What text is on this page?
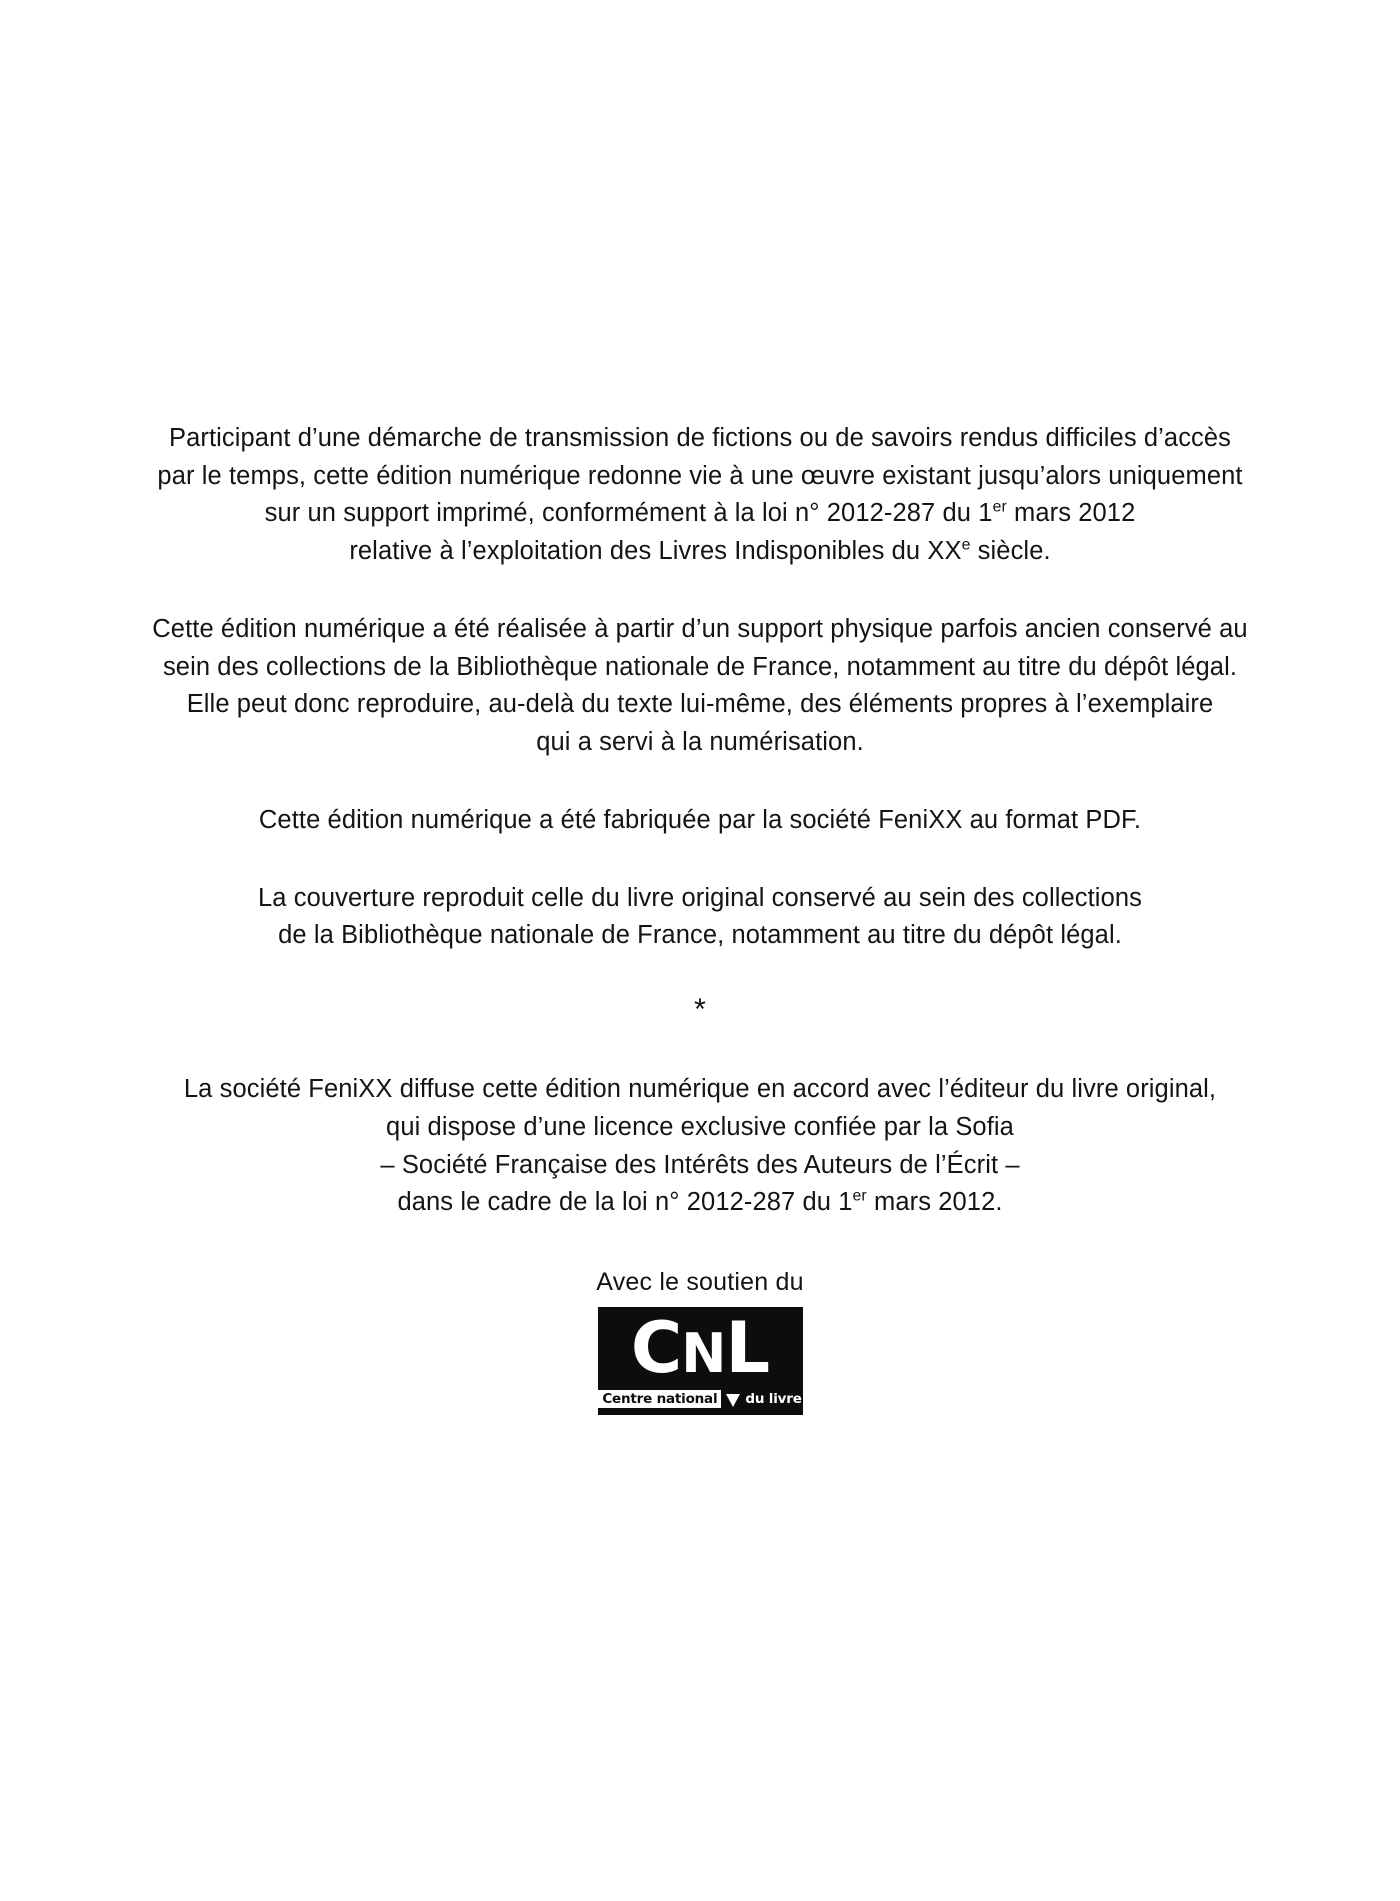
Participant d’une démarche de transmission de fictions ou de savoirs rendus difficiles d’accès
par le temps, cette édition numérique redonne vie à une œuvre existant jusqu’alors uniquement
sur un support imprimé, conformément à la loi n° 2012-287 du 1er mars 2012
relative à l’exploitation des Livres Indisponibles du XXe siècle.

Cette édition numérique a été réalisée à partir d’un support physique parfois ancien conservé au
sein des collections de la Bibliothèque nationale de France, notamment au titre du dépôt légal.
Elle peut donc reproduire, au-delà du texte lui-même, des éléments propres à l’exemplaire
qui a servi à la numérisation.

Cette édition numérique a été fabriquée par la société FeniXX au format PDF.

La couverture reproduit celle du livre original conservé au sein des collections
de la Bibliothèque nationale de France, notamment au titre du dépôt légal.

*

La société FeniXX diffuse cette édition numérique en accord avec l’éditeur du livre original,
qui dispose d’une licence exclusive confiée par la Sofia
– Société Française des Intérêts des Auteurs de l’Écrit –
dans le cadre de la loi n° 2012-287 du 1er mars 2012.

Avec le soutien du
C N L
Centre national du livre
